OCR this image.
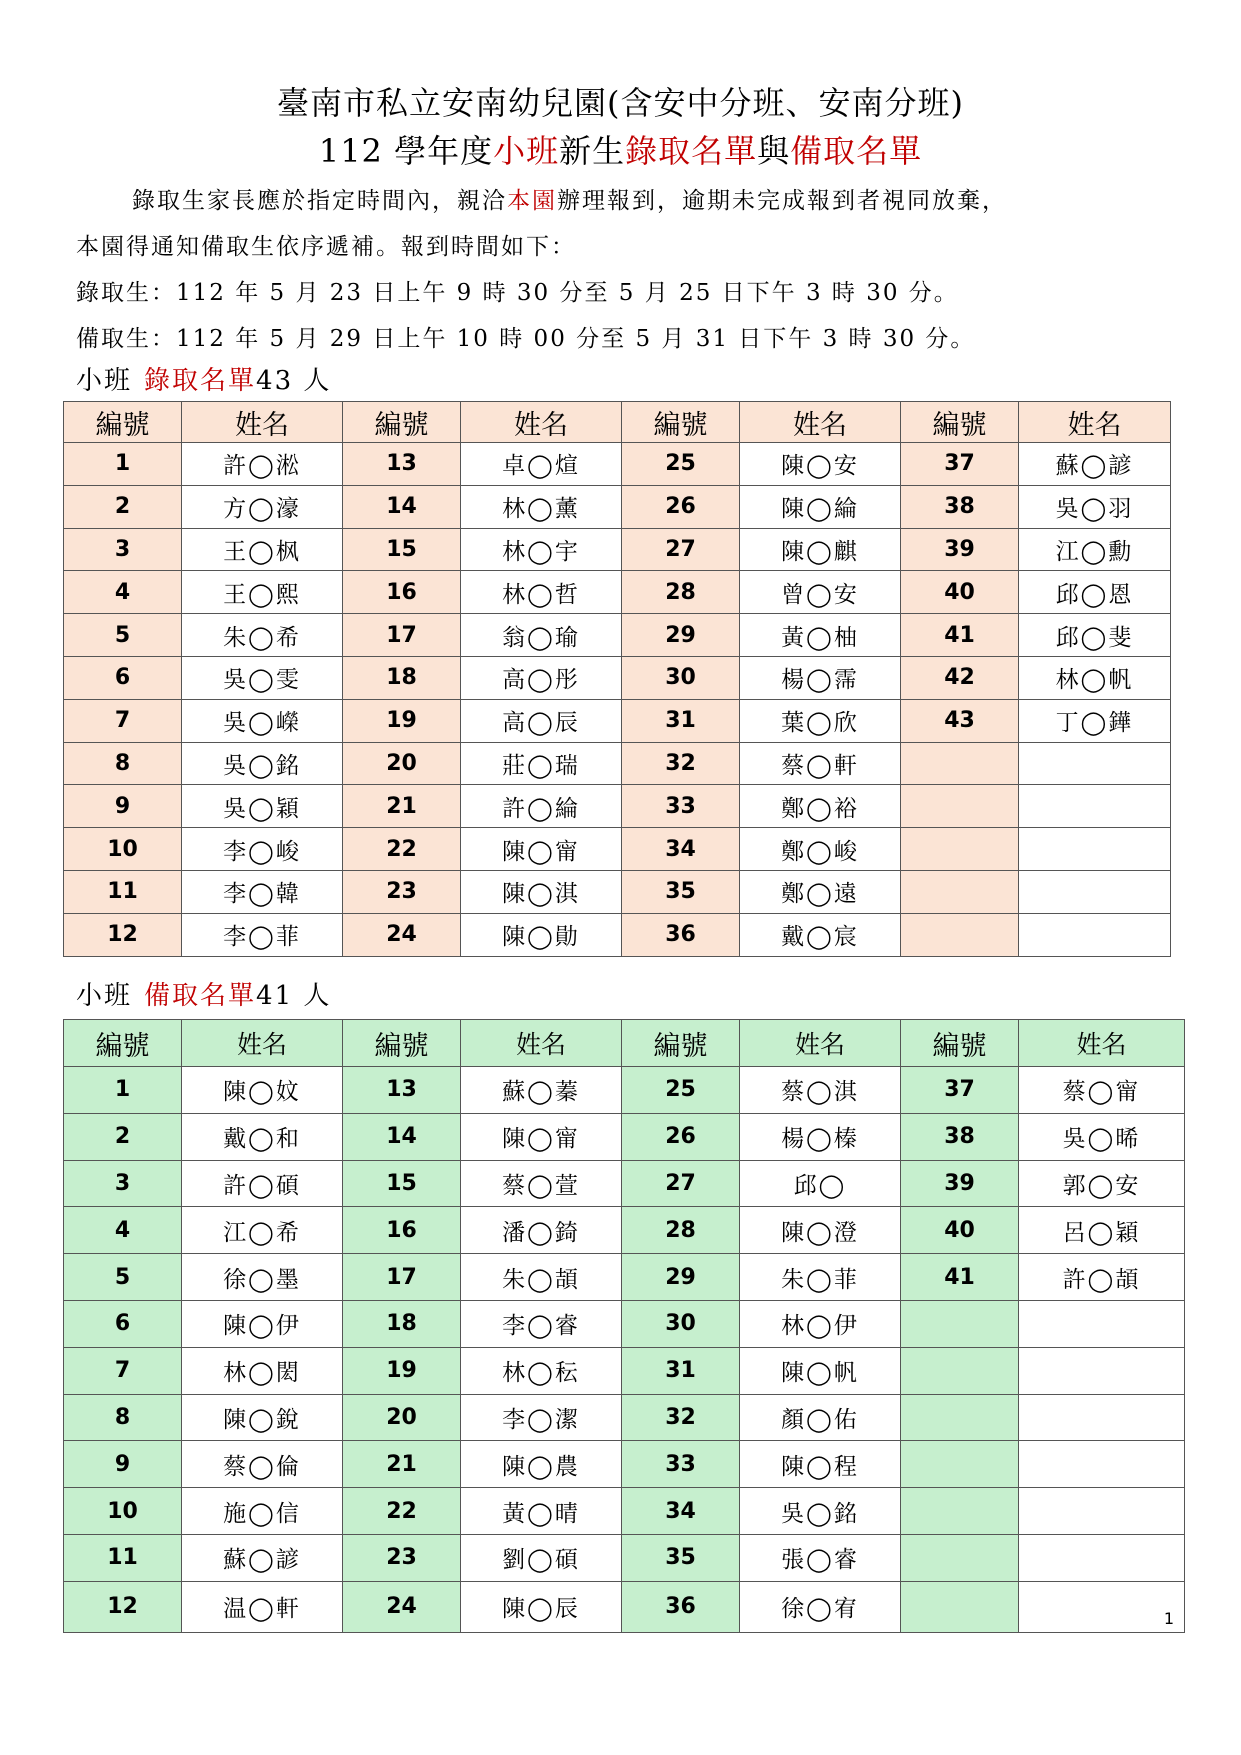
臺南市私立安南幼兒園(含安中分班、安南分班)
112 學年度小班新生錄取名單與備取名單
錄取生家長應於指定時間內，親洽本園辦理報到，逾期未完成報到者視同放棄，
本園得通知備取生依序遞補。報到時間如下：
錄取生：112 年 5 月 23 日上午 9 時 30 分至 5 月 25 日下午 3 時 30 分。
備取生：112 年 5 月 29 日上午 10 時 00 分至 5 月 31 日下午 3 時 30 分。
小班 錄取名單43 人
編號	姓名	編號	姓名	編號	姓名	編號	姓名
1	許◯淞	13	卓◯煊	25	陳◯安	37	蘇◯諺
2	方◯濠	14	林◯薰	26	陳◯綸	38	吳◯羽
3	王◯枫	15	林◯宇	27	陳◯麒	39	江◯勳
4	王◯熙	16	林◯哲	28	曾◯安	40	邱◯恩
5	朱◯希	17	翁◯瑜	29	黃◯柚	41	邱◯斐
6	吳◯雯	18	高◯彤	30	楊◯霈	42	林◯帆
7	吳◯嶸	19	高◯辰	31	葉◯欣	43	丁◯鏵
8	吳◯銘	20	莊◯瑞	32	蔡◯軒		
9	吳◯穎	21	許◯綸	33	鄭◯裕		
10	李◯峻	22	陳◯甯	34	鄭◯峻		
11	李◯韓	23	陳◯淇	35	鄭◯遠		
12	李◯菲	24	陳◯勛	36	戴◯宸		
小班 備取名單41 人
編號	姓名	編號	姓名	編號	姓名	編號	姓名
1	陳◯妏	13	蘇◯蓁	25	蔡◯淇	37	蔡◯甯
2	戴◯和	14	陳◯甯	26	楊◯榛	38	吳◯晞
3	許◯碩	15	蔡◯萱	27	邱◯	39	郭◯安
4	江◯希	16	潘◯錡	28	陳◯澄	40	呂◯穎
5	徐◯墨	17	朱◯頡	29	朱◯菲	41	許◯頡
6	陳◯伊	18	李◯睿	30	林◯伊		
7	林◯閎	19	林◯秐	31	陳◯帆		
8	陳◯銳	20	李◯潔	32	顏◯佑		
9	蔡◯倫	21	陳◯農	33	陳◯程		
10	施◯信	22	黃◯晴	34	吳◯銘		
11	蘇◯諺	23	劉◯碩	35	張◯睿		
12	温◯軒	24	陳◯辰	36	徐◯宥		1
